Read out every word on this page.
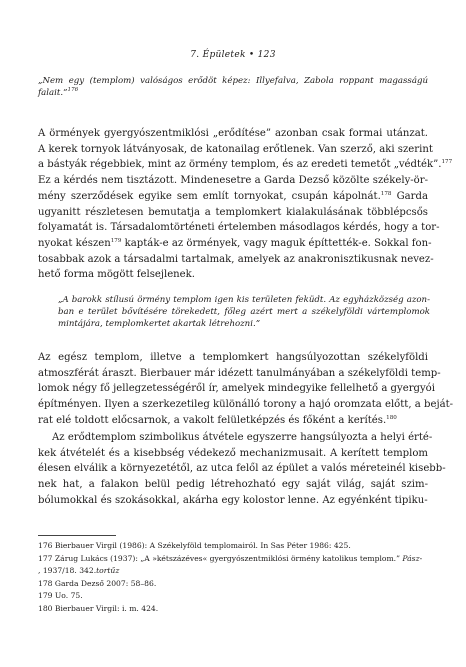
7. Épületek • 123
„Nem egy (templom) valóságos erődöt képez: Illyefalva, Zabola roppant magasságú
falait.”$^{176}$
A örmények gyergyószentmiklósi „erődítése” azonban csak formai utánzat.
A kerek tornyok látványosak, de katonailag erőtlenek. Van szerző, aki szerint
a bástyák régebbiek, mint az örmény templom, és az eredeti temetőt „védték”.$^{177}$
Ez a kérdés nem tisztázott. Mindenesetre a Garda Dezső közölte székely-ör-
mény szerződések egyike sem említ tornyokat, csupán kápolnát.$^{178}$ Garda
ugyanitt részletesen bemutatja a templomkert kialakulásának többlépcsős
folyamatát is. Társadalomtörténeti értelemben másodlagos kérdés, hogy a tor-
nyokat készen$^{179}$ kapták-e az örmények, vagy maguk építtették-e. Sokkal fon-
tosabbak azok a társadalmi tartalmak, amelyek az anakronisztikusnak nevez-
hető forma mögött felsejlenek.
„A barokk stílusú örmény templom igen kis területen feküdt. Az egyházközség azon-
ban e terület bővítésére törekedett, főleg azért mert a székelyföldi vártemplomok
mintájára, templomkertet akartak létrehozni.”
Az egész templom, illetve a templomkert hangsúlyozottan székelyföldi
atmoszférát áraszt. Bierbauer már idézett tanulmányában a székelyföldi temp-
lomok négy fő jellegzetességéről ír, amelyek mindegyike fellelhető a gyergyói
építményen. Ilyen a szerkezetileg különálló torony a hajó oromzata előtt, a beját-
rat elé toldott előcsarnok, a vakolt felületképzés és főként a kerítés.$^{180}$
Az erődtemplom szimbolikus átvétele egyszerre hangsúlyozta a helyi érté-
kek átvételét és a kisebbség védekező mechanizmusait. A kerített templom
élesen elválik a környezetétől, az utca felől az épület a valós méreteinél kisebb-
nek hat, a falakon belül pedig létrehozható egy saját világ, saját szim-
bólumokkal és szokásokkal, akárha egy kolostor lenne. Az egyénként tipiku-
176 Bierbauer Virgil (1986): A Székelyföld templomairól. In Sas Péter 1986: 425.
177 Zárug Lukács (1937): „A »kétszázéves« gyergyószentmiklósi örmény katolikus templom.” Pász-
, 1937/18. 342.tortűz
178 Garda Dezső 2007: 58–86.
179 Uo. 75.
180 Bierbauer Virgil: i. m. 424.
